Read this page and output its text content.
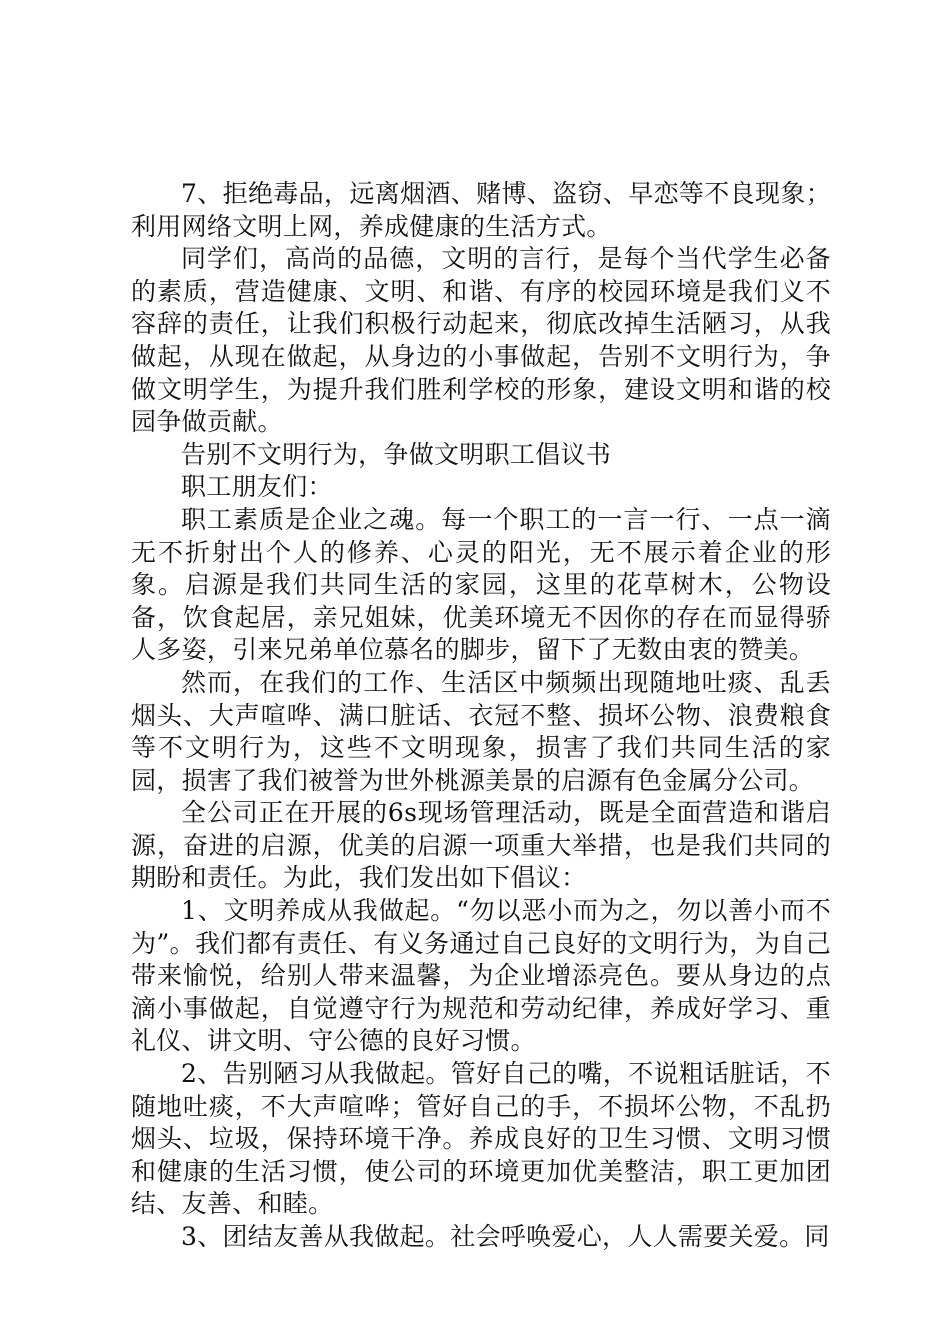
7、拒绝毒品，远离烟酒、赌博、盗窃、早恋等不良现象；利用网络文明上网，养成健康的生活方式。

同学们，高尚的品德，文明的言行，是每个当代学生必备的素质，营造健康、文明、和谐、有序的校园环境是我们义不容辞的责任，让我们积极行动起来，彻底改掉生活陋习，从我做起，从现在做起，从身边的小事做起，告别不文明行为，争做文明学生，为提升我们胜利学校的形象，建设文明和谐的校园争做贡献。

告别不文明行为，争做文明职工倡议书

职工朋友们：

职工素质是企业之魂。每一个职工的一言一行、一点一滴无不折射出个人的修养、心灵的阳光，无不展示着企业的形象。启源是我们共同生活的家园，这里的花草树木，公物设备，饮食起居，亲兄姐妹，优美环境无不因你的存在而显得骄人多姿，引来兄弟单位慕名的脚步，留下了无数由衷的赞美。

然而，在我们的工作、生活区中频频出现随地吐痰、乱丢烟头、大声喧哗、满口脏话、衣冠不整、损坏公物、浪费粮食等不文明行为，这些不文明现象，损害了我们共同生活的家园，损害了我们被誉为世外桃源美景的启源有色金属分公司。

全公司正在开展的6s现场管理活动，既是全面营造和谐启源，奋进的启源，优美的启源一项重大举措，也是我们共同的期盼和责任。为此，我们发出如下倡议：

1、文明养成从我做起。“勿以恶小而为之，勿以善小而不为”。我们都有责任、有义务通过自己良好的文明行为，为自己带来愉悦，给别人带来温馨，为企业增添亮色。要从身边的点滴小事做起，自觉遵守行为规范和劳动纪律，养成好学习、重礼仪、讲文明、守公德的良好习惯。

2、告别陋习从我做起。管好自己的嘴，不说粗话脏话，不随地吐痰，不大声喧哗；管好自己的手，不损坏公物，不乱扔烟头、垃圾，保持环境干净。养成良好的卫生习惯、文明习惯和健康的生活习惯，使公司的环境更加优美整洁，职工更加团结、友善、和睦。

3、团结友善从我做起。社会呼唤爱心，人人需要关爱。同
